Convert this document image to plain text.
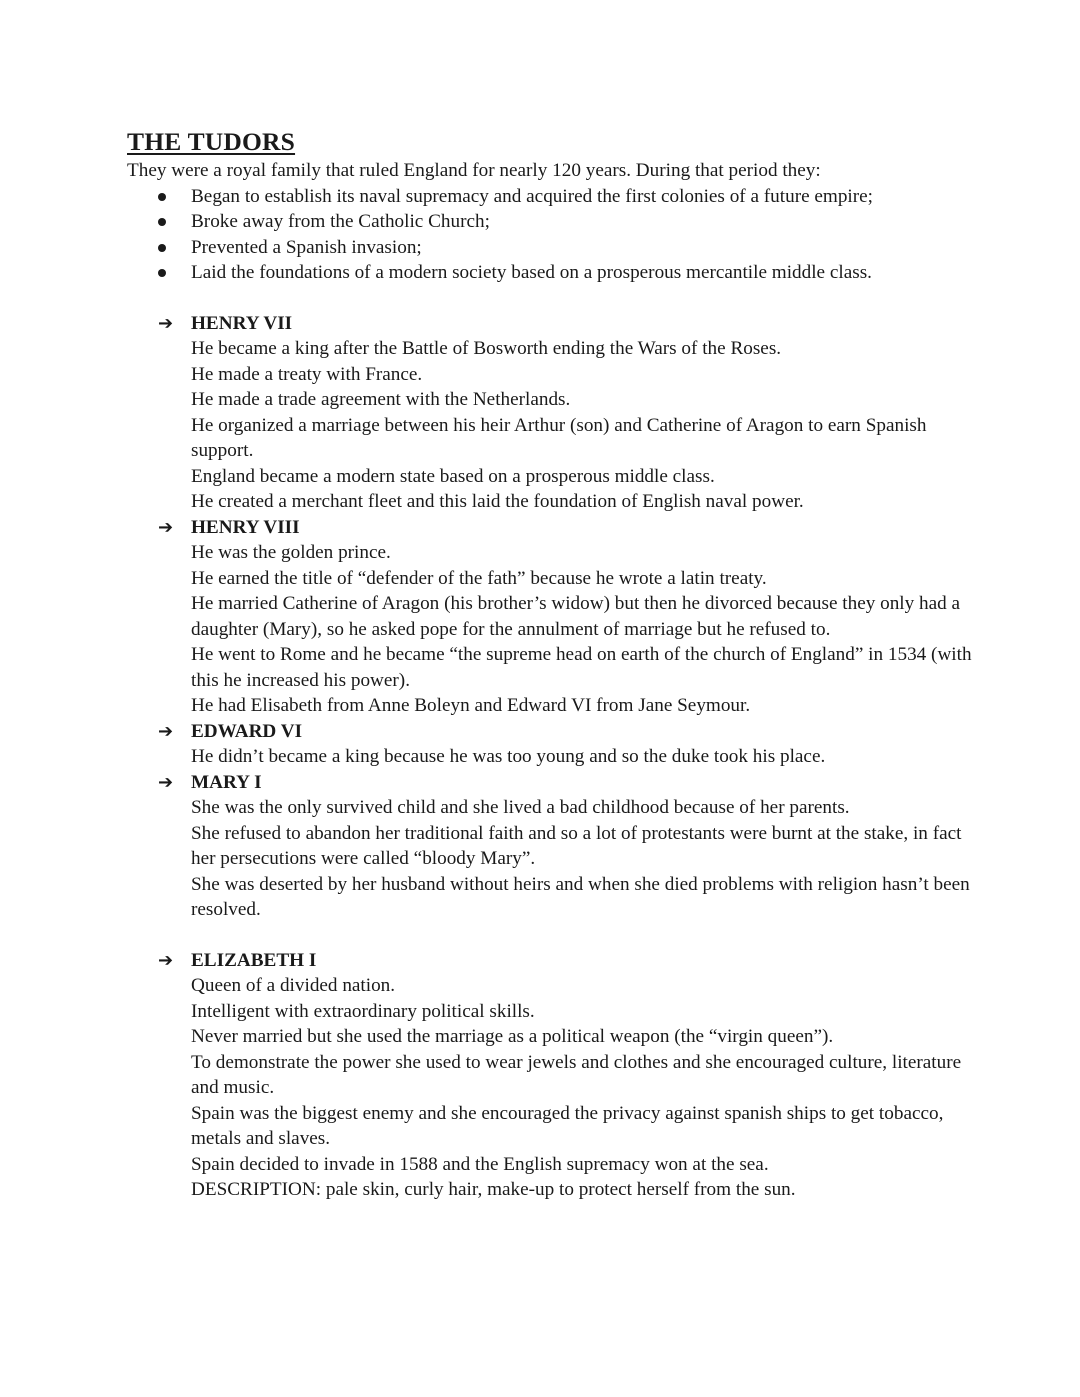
THE TUDORS

They were a royal family that ruled England for nearly 120 years. During that period they:

Began to establish its naval supremacy and acquired the first colonies of a future empire;
Broke away from the Catholic Church;
Prevented a Spanish invasion;
Laid the foundations of a modern society based on a prosperous mercantile middle class.
➔ HENRY VII

He became a king after the Battle of Bosworth ending the Wars of the Roses.

He made a treaty with France.

He made a trade agreement with the Netherlands.

He organized a marriage between his heir Arthur (son) and Catherine of Aragon to earn Spanish support.

England became a modern state based on a prosperous middle class.

He created a merchant fleet and this laid the foundation of English naval power.

➔ HENRY VIII

He was the golden prince.

He earned the title of “defender of the fath” because he wrote a latin treaty.

He married Catherine of Aragon (his brother’s widow) but then he divorced because they only had a daughter (Mary), so he asked pope for the annulment of marriage but he refused to.

He went to Rome and he became “the supreme head on earth of the church of England” in 1534 (with this he increased his power).

He had Elisabeth from Anne Boleyn and Edward VI from Jane Seymour.

➔ EDWARD VI

He didn’t became a king because he was too young and so the duke took his place.

➔ MARY I

She was the only survived child and she lived a bad childhood because of her parents.

She refused to abandon her traditional faith and so a lot of protestants were burnt at the stake, in fact her persecutions were called “bloody Mary”.

She was deserted by her husband without heirs and when she died problems with religion hasn’t been resolved.

➔ ELIZABETH I

Queen of a divided nation.

Intelligent with extraordinary political skills.

Never married but she used the marriage as a political weapon (the “virgin queen”).

To demonstrate the power she used to wear jewels and clothes and she encouraged culture, literature and music.

Spain was the biggest enemy and she encouraged the privacy against spanish ships to get tobacco, metals and slaves.

Spain decided to invade in 1588 and the English supremacy won at the sea.

DESCRIPTION: pale skin, curly hair, make-up to protect herself from the sun.
